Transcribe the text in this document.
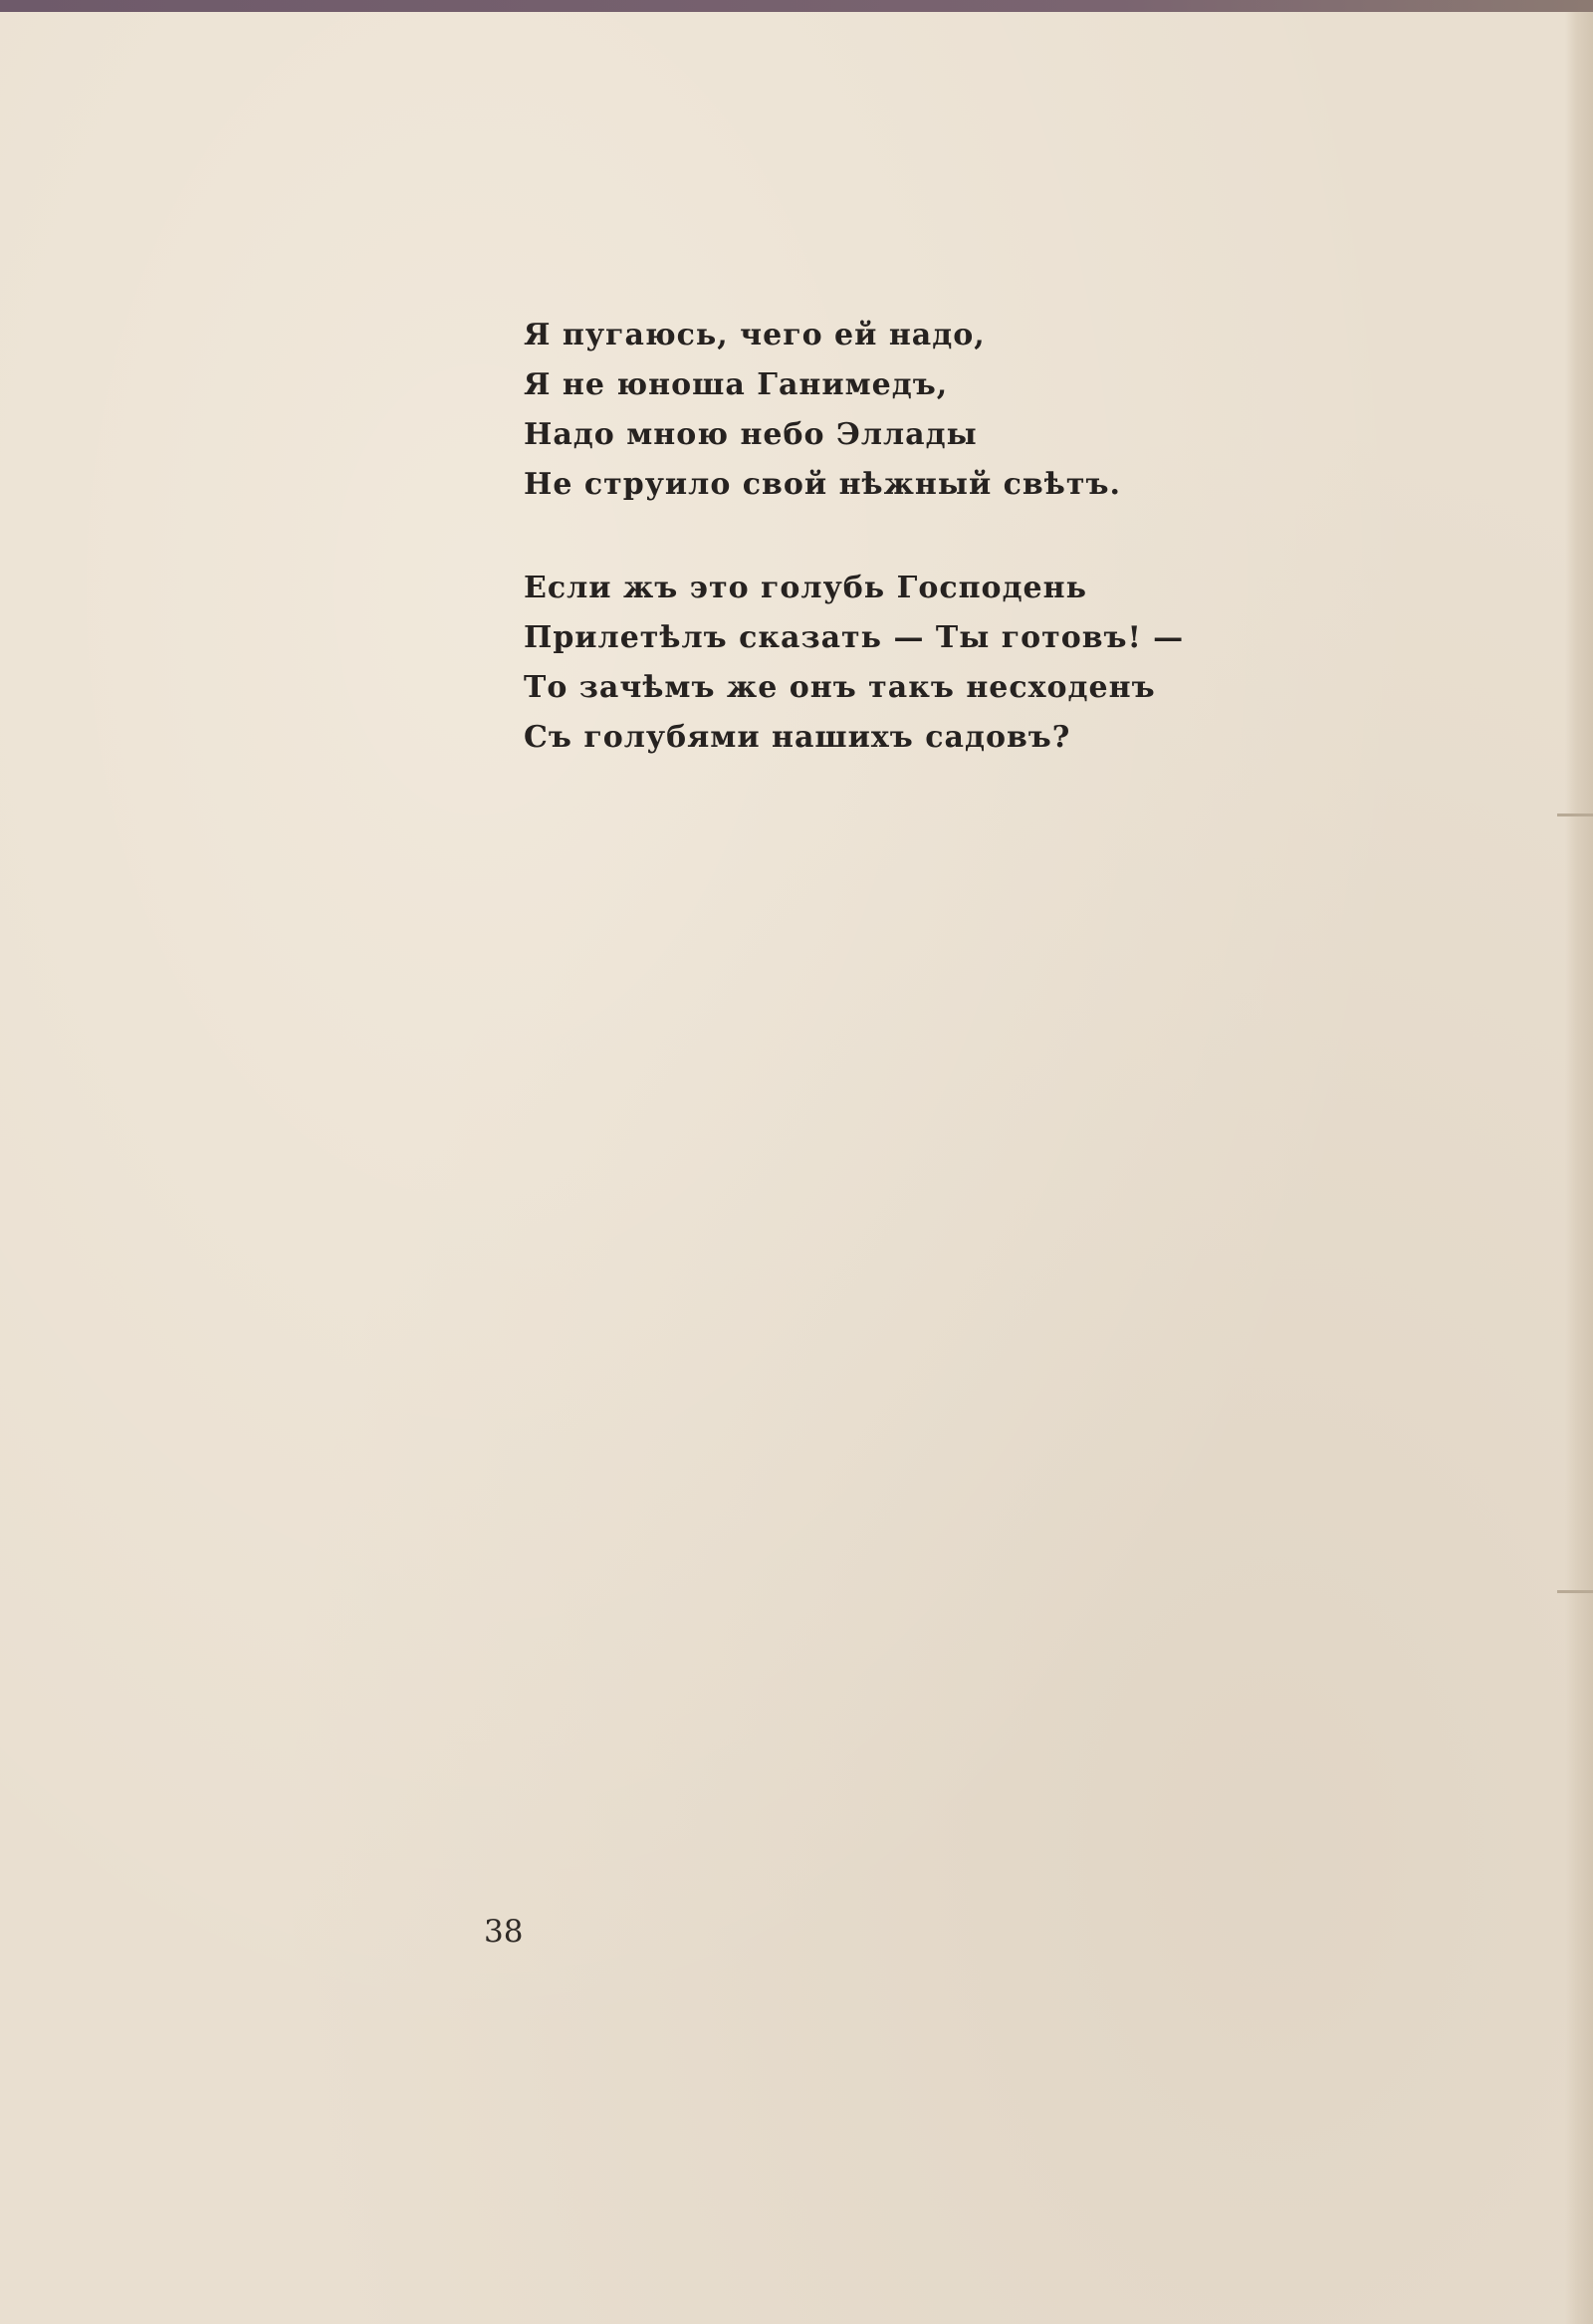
Я пугаюсь, чего ей надо,
Я не юноша Ганимедъ,
Надо мною небо Эллады
Не струило свой нѣжный свѣтъ.
Если жъ это голубь Господень
Прилетѣлъ сказать — Ты готовъ! —
То зачѣмъ же онъ такъ несходенъ
Съ голубями нашихъ садовъ?
38
